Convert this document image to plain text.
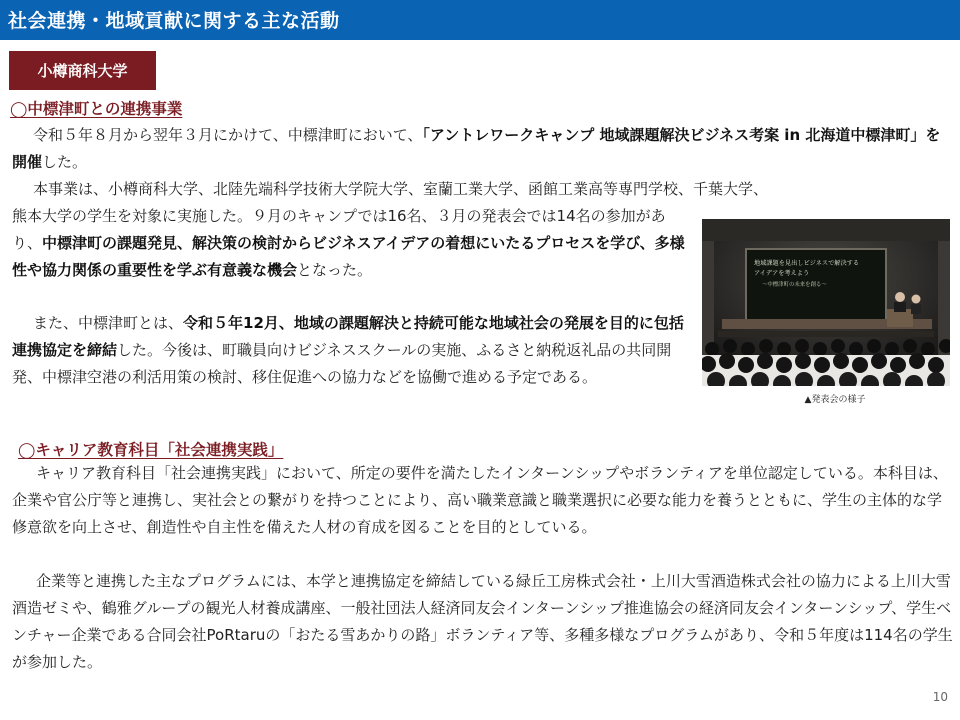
社会連携・地域貢献に関する主な活動
小樽商科大学
◯中標津町との連携事業

令和５年８月から翌年３月にかけて、中標津町において、「アントレワークキャンプ 地域課題解決ビジネス考案 in 北海道中標津町」を開催した。

本事業は、小樽商科大学、北陸先端科学技術大学院大学、室蘭工業大学、函館工業高等専門学校、千葉大学、

熊本大学の学生を対象に実施した。９月のキャンプでは16名、３月の発表会では14名の参加があり、中標津町の課題発見、解決策の検討からビジネスアイデアの着想にいたるプロセスを学び、多様性や協力関係の重要性を学ぶ有意義な機会となった。

また、中標津町とは、令和５年12月、地域の課題解決と持続可能な地域社会の発展を目的に包括連携協定を締結した。今後は、町職員向けビジネススクールの実施、ふるさと納税返礼品の共同開発、中標津空港の利活用策の検討、移住促進への協力などを協働で進める予定である。

地域課題を見出しビジネスで解決する
アイデアを考えよう
～中標津町の未来を創る～
▲発表会の様子
◯キャリア教育科目「社会連携実践」

キャリア教育科目「社会連携実践」において、所定の要件を満たしたインターンシップやボランティアを単位認定している。本科目は、企業や官公庁等と連携し、実社会との繋がりを持つことにより、高い職業意識と職業選択に必要な能力を養うとともに、学生の主体的な学修意欲を向上させ、創造性や自主性を備えた人材の育成を図ることを目的としている。

企業等と連携した主なプログラムには、本学と連携協定を締結している緑丘工房株式会社・上川大雪酒造株式会社の協力による上川大雪酒造ゼミや、鶴雅グループの観光人材養成講座、一般社団法人経済同友会インターンシップ推進協会の経済同友会インターンシップ、学生ベンチャー企業である合同会社PoRtaruの「おたる雪あかりの路」ボランティア等、多種多様なプログラムがあり、令和５年度は114名の学生が参加した。

10
